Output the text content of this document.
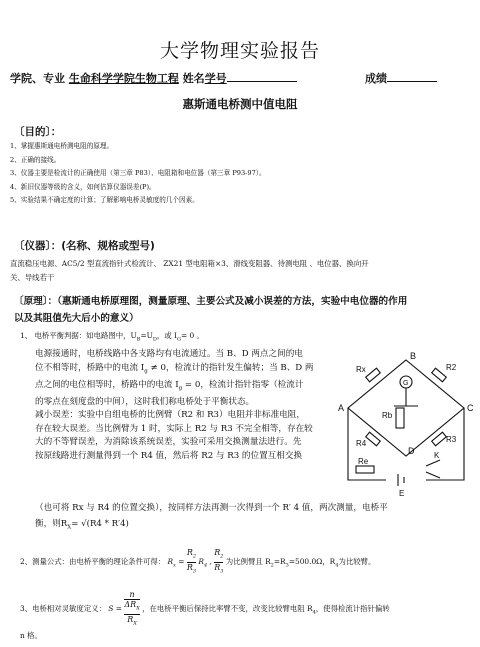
大学物理实验报告
学院、专业 生命科学学院生物工程 姓名学号	成绩
惠斯通电桥测中值电阻
〔目的〕：
1、掌握惠斯通电桥测电阻的原理。
2、正确的接线。
3、仪器主要是检流计的正确使用（第三章 P83）、电阻箱和电位器（第三章 P93-97）。
4、新旧仪器等级的含义，如何估算仪器误差(P)。
5、实验结果不确定度的计算；了解影响电桥灵敏度的几个因素。
〔仪器〕：(名称、规格或型号)
直流稳压电源、AC5/2 型直流指针式检流计、 ZX21 型电阻箱×3、滑线变阻器、待测电阻 、电位器、换向开
关、导线若干
〔原理〕：（惠斯通电桥原理图，测量原理、主要公式及减小误差的方法，实验中电位器的作用
以及其阻值先大后小的意义）
1、 电桥平衡判据：如电路图中，$U_B=U_D$，或 $I_G= 0$ 。
电源接通时，电桥线路中各支路均有电流通过。当 B、D 两点之间的电
位不相等时，桥路中的电流 $I_g \ne 0$，检流计的指针发生偏转；当 B、D 两
点之间的电位相等时，桥路中的电流 $I_g = 0$，检流计指针指零（检流计
的零点在刻度盘的中间），这时我们称电桥处于平衡状态。
减小误差：实验中自组电桥的比例臂（R2 和 R3）电阻并非标准电阻，
存在较大误差。当比例臂为 1 时，实际上 R2 与 R3 不完全相等，存在较
大的不等臂误差，为消除该系统误差，实验可采用交换测量法进行。先
按原线路进行测量得到一个 R4 值，然后将 R2 与 R3 的位置互相交换
B
A	C
D
Rx	R2
Rb
R3
R4
G
K
Re
E
（也可将 Rx 与 R4 的位置交换），按同样方法再测一次得到一个 R′ 4 值，两次测量，电桥平
衡，则$R_X= √(R4 * R'4)$
2、测量公式：由电桥平衡的理论条件可得： $R_x = \frac{R_2}{R_3} R_4$ , $\frac{R_2}{R_3}$ 为比例臂且 $R_2=R_3=500.0\Omega$，$R_4$为比较臂。
3、电桥相对灵敏度定义： S =
n
$\Delta R_X$
$R_X$
，在电桥平衡后保持比率臂不变，改变比较臂电阻 $R_4$，使得检流计指针偏转
n 格。
